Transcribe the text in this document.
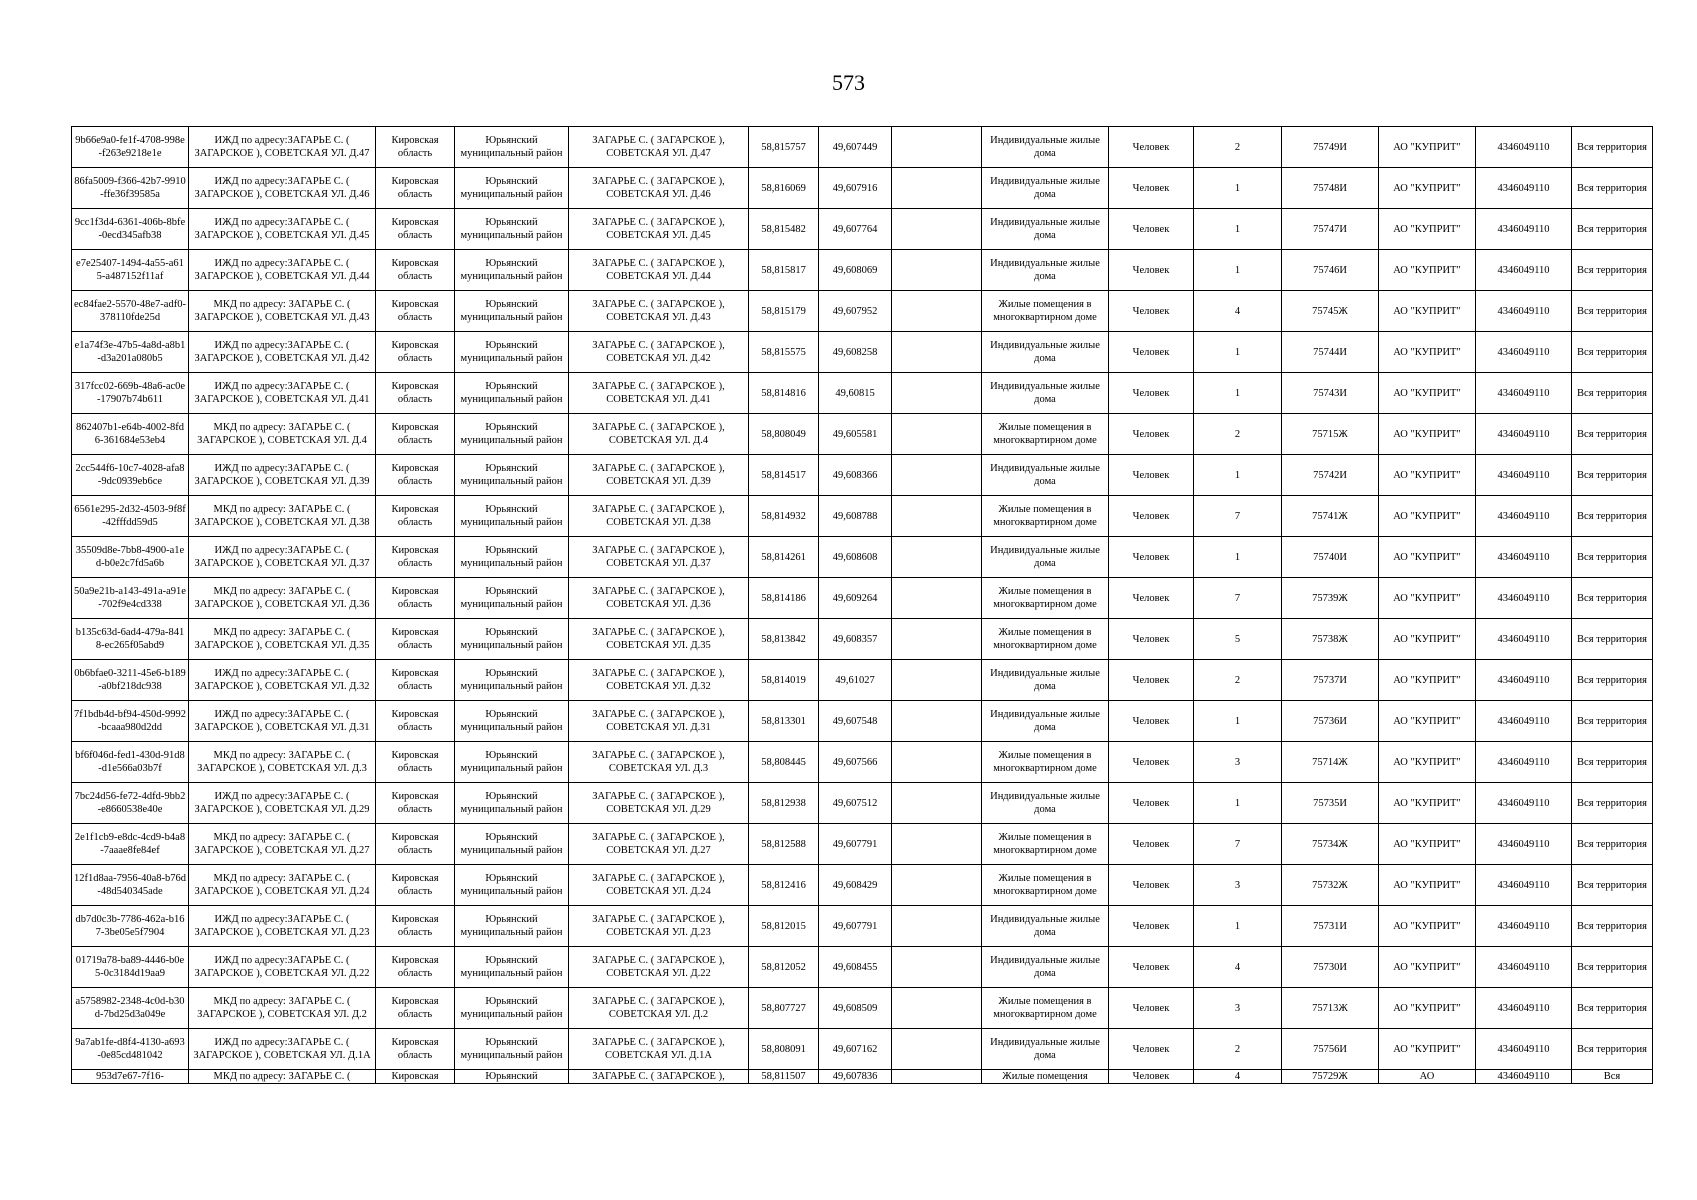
573
9b66e9a0-fe1f-4708-998e-f263e9218e1e	ИЖД по адресу:ЗАГАРЬЕ С. ( ЗАГАРСКОЕ ), СОВЕТСКАЯ УЛ. Д.47	Кировская область	Юрьянский муниципальный район	ЗАГАРЬЕ С. ( ЗАГАРСКОЕ ), СОВЕТСКАЯ УЛ. Д.47	58,815757	49,607449		Индивидуальные жилые дома	Человек	2	75749И	АО "КУПРИТ"	4346049110	Вся территория
86fa5009-f366-42b7-9910-ffe36f39585a	ИЖД по адресу:ЗАГАРЬЕ С. ( ЗАГАРСКОЕ ), СОВЕТСКАЯ УЛ. Д.46	Кировская область	Юрьянский муниципальный район	ЗАГАРЬЕ С. ( ЗАГАРСКОЕ ), СОВЕТСКАЯ УЛ. Д.46	58,816069	49,607916		Индивидуальные жилые дома	Человек	1	75748И	АО "КУПРИТ"	4346049110	Вся территория
9cc1f3d4-6361-406b-8bfe-0ecd345afb38	ИЖД по адресу:ЗАГАРЬЕ С. ( ЗАГАРСКОЕ ), СОВЕТСКАЯ УЛ. Д.45	Кировская область	Юрьянский муниципальный район	ЗАГАРЬЕ С. ( ЗАГАРСКОЕ ), СОВЕТСКАЯ УЛ. Д.45	58,815482	49,607764		Индивидуальные жилые дома	Человек	1	75747И	АО "КУПРИТ"	4346049110	Вся территория
e7e25407-1494-4a55-a615-a487152f11af	ИЖД по адресу:ЗАГАРЬЕ С. ( ЗАГАРСКОЕ ), СОВЕТСКАЯ УЛ. Д.44	Кировская область	Юрьянский муниципальный район	ЗАГАРЬЕ С. ( ЗАГАРСКОЕ ), СОВЕТСКАЯ УЛ. Д.44	58,815817	49,608069		Индивидуальные жилые дома	Человек	1	75746И	АО "КУПРИТ"	4346049110	Вся территория
ec84fae2-5570-48e7-adf0-378110fde25d	МКД по адресу: ЗАГАРЬЕ С. ( ЗАГАРСКОЕ ), СОВЕТСКАЯ УЛ. Д.43	Кировская область	Юрьянский муниципальный район	ЗАГАРЬЕ С. ( ЗАГАРСКОЕ ), СОВЕТСКАЯ УЛ. Д.43	58,815179	49,607952		Жилые помещения в многоквартирном доме	Человек	4	75745Ж	АО "КУПРИТ"	4346049110	Вся территория
e1a74f3e-47b5-4a8d-a8b1-d3a201a080b5	ИЖД по адресу:ЗАГАРЬЕ С. ( ЗАГАРСКОЕ ), СОВЕТСКАЯ УЛ. Д.42	Кировская область	Юрьянский муниципальный район	ЗАГАРЬЕ С. ( ЗАГАРСКОЕ ), СОВЕТСКАЯ УЛ. Д.42	58,815575	49,608258		Индивидуальные жилые дома	Человек	1	75744И	АО "КУПРИТ"	4346049110	Вся территория
317fcc02-669b-48a6-ac0e-17907b74b611	ИЖД по адресу:ЗАГАРЬЕ С. ( ЗАГАРСКОЕ ), СОВЕТСКАЯ УЛ. Д.41	Кировская область	Юрьянский муниципальный район	ЗАГАРЬЕ С. ( ЗАГАРСКОЕ ), СОВЕТСКАЯ УЛ. Д.41	58,814816	49,60815		Индивидуальные жилые дома	Человек	1	75743И	АО "КУПРИТ"	4346049110	Вся территория
862407b1-e64b-4002-8fd6-361684e53eb4	МКД по адресу: ЗАГАРЬЕ С. ( ЗАГАРСКОЕ ), СОВЕТСКАЯ УЛ. Д.4	Кировская область	Юрьянский муниципальный район	ЗАГАРЬЕ С. ( ЗАГАРСКОЕ ), СОВЕТСКАЯ УЛ. Д.4	58,808049	49,605581		Жилые помещения в многоквартирном доме	Человек	2	75715Ж	АО "КУПРИТ"	4346049110	Вся территория
2cc544f6-10c7-4028-afa8-9dc0939eb6ce	ИЖД по адресу:ЗАГАРЬЕ С. ( ЗАГАРСКОЕ ), СОВЕТСКАЯ УЛ. Д.39	Кировская область	Юрьянский муниципальный район	ЗАГАРЬЕ С. ( ЗАГАРСКОЕ ), СОВЕТСКАЯ УЛ. Д.39	58,814517	49,608366		Индивидуальные жилые дома	Человек	1	75742И	АО "КУПРИТ"	4346049110	Вся территория
6561e295-2d32-4503-9f8f-42fffdd59d5	МКД по адресу: ЗАГАРЬЕ С. ( ЗАГАРСКОЕ ), СОВЕТСКАЯ УЛ. Д.38	Кировская область	Юрьянский муниципальный район	ЗАГАРЬЕ С. ( ЗАГАРСКОЕ ), СОВЕТСКАЯ УЛ. Д.38	58,814932	49,608788		Жилые помещения в многоквартирном доме	Человек	7	75741Ж	АО "КУПРИТ"	4346049110	Вся территория
35509d8e-7bb8-4900-a1ed-b0e2c7fd5a6b	ИЖД по адресу:ЗАГАРЬЕ С. ( ЗАГАРСКОЕ ), СОВЕТСКАЯ УЛ. Д.37	Кировская область	Юрьянский муниципальный район	ЗАГАРЬЕ С. ( ЗАГАРСКОЕ ), СОВЕТСКАЯ УЛ. Д.37	58,814261	49,608608		Индивидуальные жилые дома	Человек	1	75740И	АО "КУПРИТ"	4346049110	Вся территория
50a9e21b-a143-491a-a91e-702f9e4cd338	МКД по адресу: ЗАГАРЬЕ С. ( ЗАГАРСКОЕ ), СОВЕТСКАЯ УЛ. Д.36	Кировская область	Юрьянский муниципальный район	ЗАГАРЬЕ С. ( ЗАГАРСКОЕ ), СОВЕТСКАЯ УЛ. Д.36	58,814186	49,609264		Жилые помещения в многоквартирном доме	Человек	7	75739Ж	АО "КУПРИТ"	4346049110	Вся территория
b135c63d-6ad4-479a-8418-ec265f05abd9	МКД по адресу: ЗАГАРЬЕ С. ( ЗАГАРСКОЕ ), СОВЕТСКАЯ УЛ. Д.35	Кировская область	Юрьянский муниципальный район	ЗАГАРЬЕ С. ( ЗАГАРСКОЕ ), СОВЕТСКАЯ УЛ. Д.35	58,813842	49,608357		Жилые помещения в многоквартирном доме	Человек	5	75738Ж	АО "КУПРИТ"	4346049110	Вся территория
0b6bfae0-3211-45e6-b189-a0bf218dc938	ИЖД по адресу:ЗАГАРЬЕ С. ( ЗАГАРСКОЕ ), СОВЕТСКАЯ УЛ. Д.32	Кировская область	Юрьянский муниципальный район	ЗАГАРЬЕ С. ( ЗАГАРСКОЕ ), СОВЕТСКАЯ УЛ. Д.32	58,814019	49,61027		Индивидуальные жилые дома	Человек	2	75737И	АО "КУПРИТ"	4346049110	Вся территория
7f1bdb4d-bf94-450d-9992-bcaaa980d2dd	ИЖД по адресу:ЗАГАРЬЕ С. ( ЗАГАРСКОЕ ), СОВЕТСКАЯ УЛ. Д.31	Кировская область	Юрьянский муниципальный район	ЗАГАРЬЕ С. ( ЗАГАРСКОЕ ), СОВЕТСКАЯ УЛ. Д.31	58,813301	49,607548		Индивидуальные жилые дома	Человек	1	75736И	АО "КУПРИТ"	4346049110	Вся территория
bf6f046d-fed1-430d-91d8-d1e566a03b7f	МКД по адресу: ЗАГАРЬЕ С. ( ЗАГАРСКОЕ ), СОВЕТСКАЯ УЛ. Д.3	Кировская область	Юрьянский муниципальный район	ЗАГАРЬЕ С. ( ЗАГАРСКОЕ ), СОВЕТСКАЯ УЛ. Д.3	58,808445	49,607566		Жилые помещения в многоквартирном доме	Человек	3	75714Ж	АО "КУПРИТ"	4346049110	Вся территория
7bc24d56-fe72-4dfd-9bb2-e8660538e40e	ИЖД по адресу:ЗАГАРЬЕ С. ( ЗАГАРСКОЕ ), СОВЕТСКАЯ УЛ. Д.29	Кировская область	Юрьянский муниципальный район	ЗАГАРЬЕ С. ( ЗАГАРСКОЕ ), СОВЕТСКАЯ УЛ. Д.29	58,812938	49,607512		Индивидуальные жилые дома	Человек	1	75735И	АО "КУПРИТ"	4346049110	Вся территория
2e1f1cb9-e8dc-4cd9-b4a8-7aaae8fe84ef	МКД по адресу: ЗАГАРЬЕ С. ( ЗАГАРСКОЕ ), СОВЕТСКАЯ УЛ. Д.27	Кировская область	Юрьянский муниципальный район	ЗАГАРЬЕ С. ( ЗАГАРСКОЕ ), СОВЕТСКАЯ УЛ. Д.27	58,812588	49,607791		Жилые помещения в многоквартирном доме	Человек	7	75734Ж	АО "КУПРИТ"	4346049110	Вся территория
12f1d8aa-7956-40a8-b76d-48d540345ade	МКД по адресу: ЗАГАРЬЕ С. ( ЗАГАРСКОЕ ), СОВЕТСКАЯ УЛ. Д.24	Кировская область	Юрьянский муниципальный район	ЗАГАРЬЕ С. ( ЗАГАРСКОЕ ), СОВЕТСКАЯ УЛ. Д.24	58,812416	49,608429		Жилые помещения в многоквартирном доме	Человек	3	75732Ж	АО "КУПРИТ"	4346049110	Вся территория
db7d0c3b-7786-462a-b167-3be05e5f7904	ИЖД по адресу:ЗАГАРЬЕ С. ( ЗАГАРСКОЕ ), СОВЕТСКАЯ УЛ. Д.23	Кировская область	Юрьянский муниципальный район	ЗАГАРЬЕ С. ( ЗАГАРСКОЕ ), СОВЕТСКАЯ УЛ. Д.23	58,812015	49,607791		Индивидуальные жилые дома	Человек	1	75731И	АО "КУПРИТ"	4346049110	Вся территория
01719a78-ba89-4446-b0e5-0c3184d19aa9	ИЖД по адресу:ЗАГАРЬЕ С. ( ЗАГАРСКОЕ ), СОВЕТСКАЯ УЛ. Д.22	Кировская область	Юрьянский муниципальный район	ЗАГАРЬЕ С. ( ЗАГАРСКОЕ ), СОВЕТСКАЯ УЛ. Д.22	58,812052	49,608455		Индивидуальные жилые дома	Человек	4	75730И	АО "КУПРИТ"	4346049110	Вся территория
a5758982-2348-4c0d-b30d-7bd25d3a049e	МКД по адресу: ЗАГАРЬЕ С. ( ЗАГАРСКОЕ ), СОВЕТСКАЯ УЛ. Д.2	Кировская область	Юрьянский муниципальный район	ЗАГАРЬЕ С. ( ЗАГАРСКОЕ ), СОВЕТСКАЯ УЛ. Д.2	58,807727	49,608509		Жилые помещения в многоквартирном доме	Человек	3	75713Ж	АО "КУПРИТ"	4346049110	Вся территория
9a7ab1fe-d8f4-4130-a693-0e85cd481042	ИЖД по адресу:ЗАГАРЬЕ С. ( ЗАГАРСКОЕ ), СОВЕТСКАЯ УЛ. Д.1А	Кировская область	Юрьянский муниципальный район	ЗАГАРЬЕ С. ( ЗАГАРСКОЕ ), СОВЕТСКАЯ УЛ. Д.1А	58,808091	49,607162		Индивидуальные жилые дома	Человек	2	75756И	АО "КУПРИТ"	4346049110	Вся территория

953d7e67-7f16-	МКД по адресу: ЗАГАРЬЕ С. (	Кировская	Юрьянский	ЗАГАРЬЕ С. ( ЗАГАРСКОЕ ),	58,811507	49,607836		Жилые помещения	Человек	4	75729Ж	АО	4346049110	Вся
